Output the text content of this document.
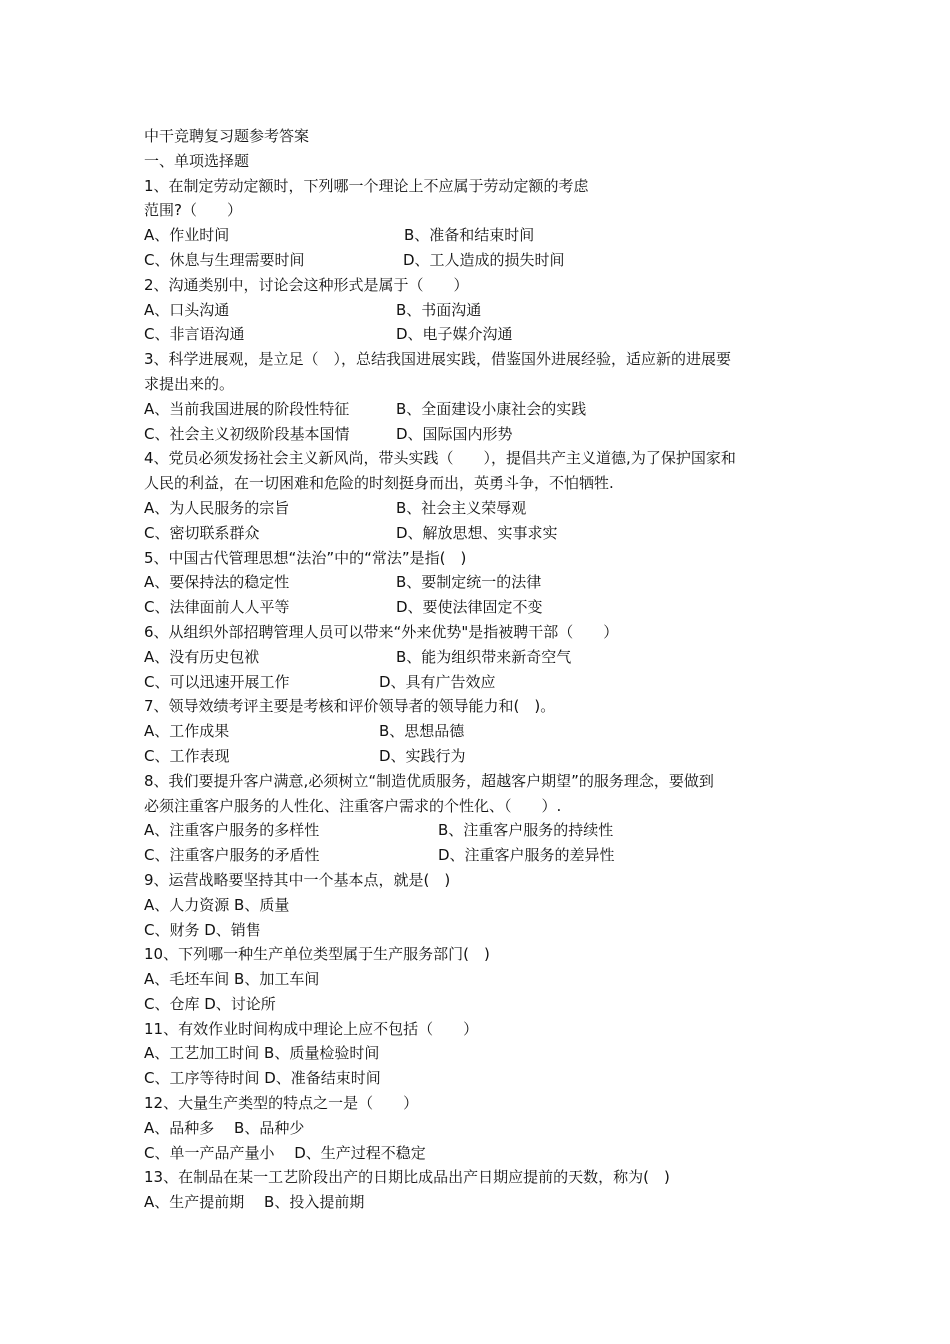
中干竞聘复习题参考答案
一、单项选择题
1、在制定劳动定额时，下列哪一个理论上不应属于劳动定额的考虑
范围?（　　）
A、作业时间	B、准备和结束时间
C、休息与生理需要时间	D、工人造成的损失时间
2、沟通类别中，讨论会这种形式是属于（　　）
A、口头沟通	B、书面沟通
C、非言语沟通	D、电子媒介沟通
3、科学进展观，是立足（　），总结我国进展实践，借鉴国外进展经验，适应新的进展要
求提出来的。
A、当前我国进展的阶段性特征	B、全面建设小康社会的实践
C、社会主义初级阶段基本国情	D、国际国内形势
4、党员必须发扬社会主义新风尚，带头实践（　　），提倡共产主义道德,为了保护国家和
人民的利益，在一切困难和危险的时刻挺身而出，英勇斗争，不怕牺牲.
A、为人民服务的宗旨	B、社会主义荣辱观
C、密切联系群众	D、解放思想、实事求实
5、中国古代管理思想“法治”中的“常法”是指(　)
A、要保持法的稳定性	B、要制定统一的法律
C、法律面前人人平等	D、要使法律固定不变
6、从组织外部招聘管理人员可以带来“外来优势"是指被聘干部（　　）
A、没有历史包袱	B、能为组织带来新奇空气
C、可以迅速开展工作	D、具有广告效应
7、领导效绩考评主要是考核和评价领导者的领导能力和(　)。
A、工作成果	B、思想品德
C、工作表现	D、实践行为
8、我们要提升客户满意,必须树立“制造优质服务，超越客户期望”的服务理念，要做到
必须注重客户服务的人性化、注重客户需求的个性化、（　　）.
A、注重客户服务的多样性	B、注重客户服务的持续性
C、注重客户服务的矛盾性	D、注重客户服务的差异性
9、运营战略要坚持其中一个基本点，就是(　)
A、人力资源 B、质量
C、财务 D、销售
10、下列哪一种生产单位类型属于生产服务部门(　)
A、毛坯车间 B、加工车间
C、仓库 D、讨论所
11、有效作业时间构成中理论上应不包括（　　）
A、工艺加工时间 B、质量检验时间
C、工序等待时间 D、准备结束时间
12、大量生产类型的特点之一是（　　）
A、品种多　 B、品种少
C、单一产品产量小　 D、生产过程不稳定
13、在制品在某一工艺阶段出产的日期比成品出产日期应提前的天数，称为(　)
A、生产提前期　 B、投入提前期
